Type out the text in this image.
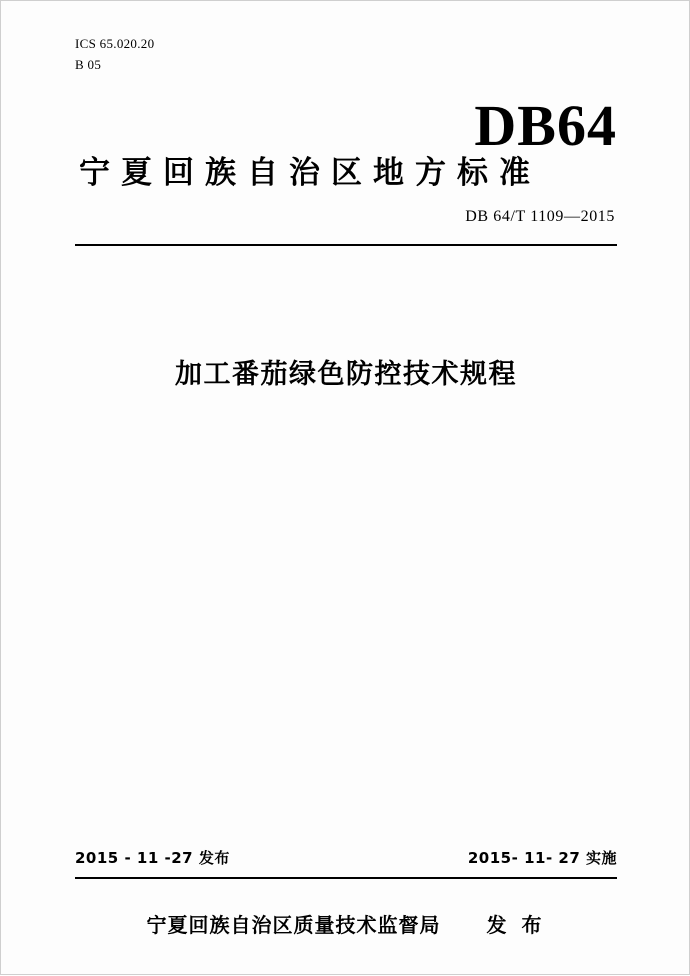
ICS 65.020.20
B 05
DB64
宁夏回族自治区地方标准
DB 64/T 1109—2015
加工番茄绿色防控技术规程
2015 - 11 -27 发布	2015- 11- 27 实施
宁夏回族自治区质量技术监督局 发 布
